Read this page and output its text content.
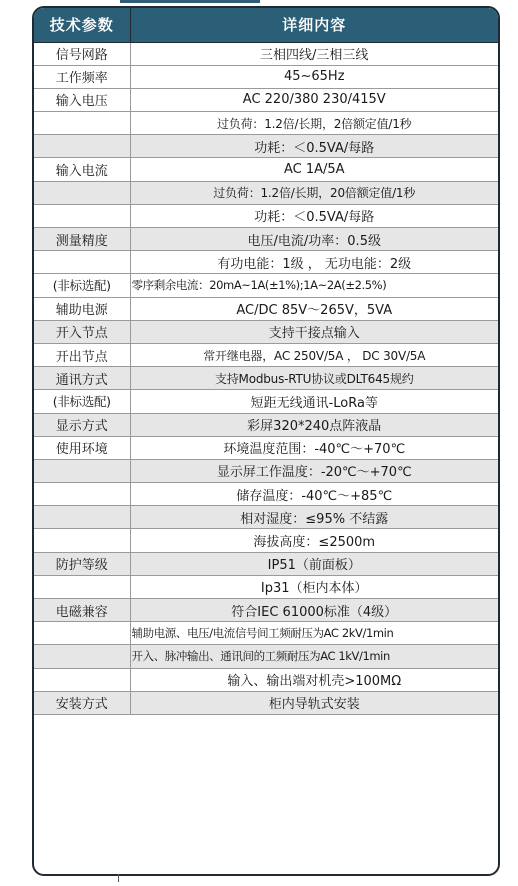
技术参数	详细内容
信号网路	三相四线/三相三线
工作频率	45~65Hz
输入电压	AC 220/380 230/415V
	过负荷：1.2倍/长期，2倍额定值/1秒
	功耗：＜0.5VA/每路
输入电流	AC 1A/5A
	过负荷：1.2倍/长期，20倍额定值/1秒
	功耗：＜0.5VA/每路
测量精度	电压/电流/功率：0.5级
	有功电能：1级 ， 无功电能：2级
(非标选配)	零序剩余电流：20mA~1A(±1%);1A~2A(±2.5%)
辅助电源	AC/DC 85V～265V，5VA
开入节点	支持干接点输入
开出节点	常开继电器，AC 250V/5A ， DC 30V/5A
通讯方式	支持Modbus-RTU协议或DLT645规约
(非标选配)	短距无线通讯-LoRa等
显示方式	彩屏320*240点阵液晶
使用环境	环境温度范围：-40℃～+70℃
	显示屏工作温度：-20℃～+70℃
	储存温度：-40℃～+85℃
	相对湿度：≤95% 不结露
	海拔高度：≤2500m
防护等级	IP51（前面板）
	Ip31（柜内本体）
电磁兼容	符合IEC 61000标准（4级）
	辅助电源、电压/电流信号间工频耐压为AC 2kV/1min
	开入、脉冲输出、通讯间的工频耐压为AC 1kV/1min
	输入、输出端对机壳>100MΩ
安装方式	柜内导轨式安装
